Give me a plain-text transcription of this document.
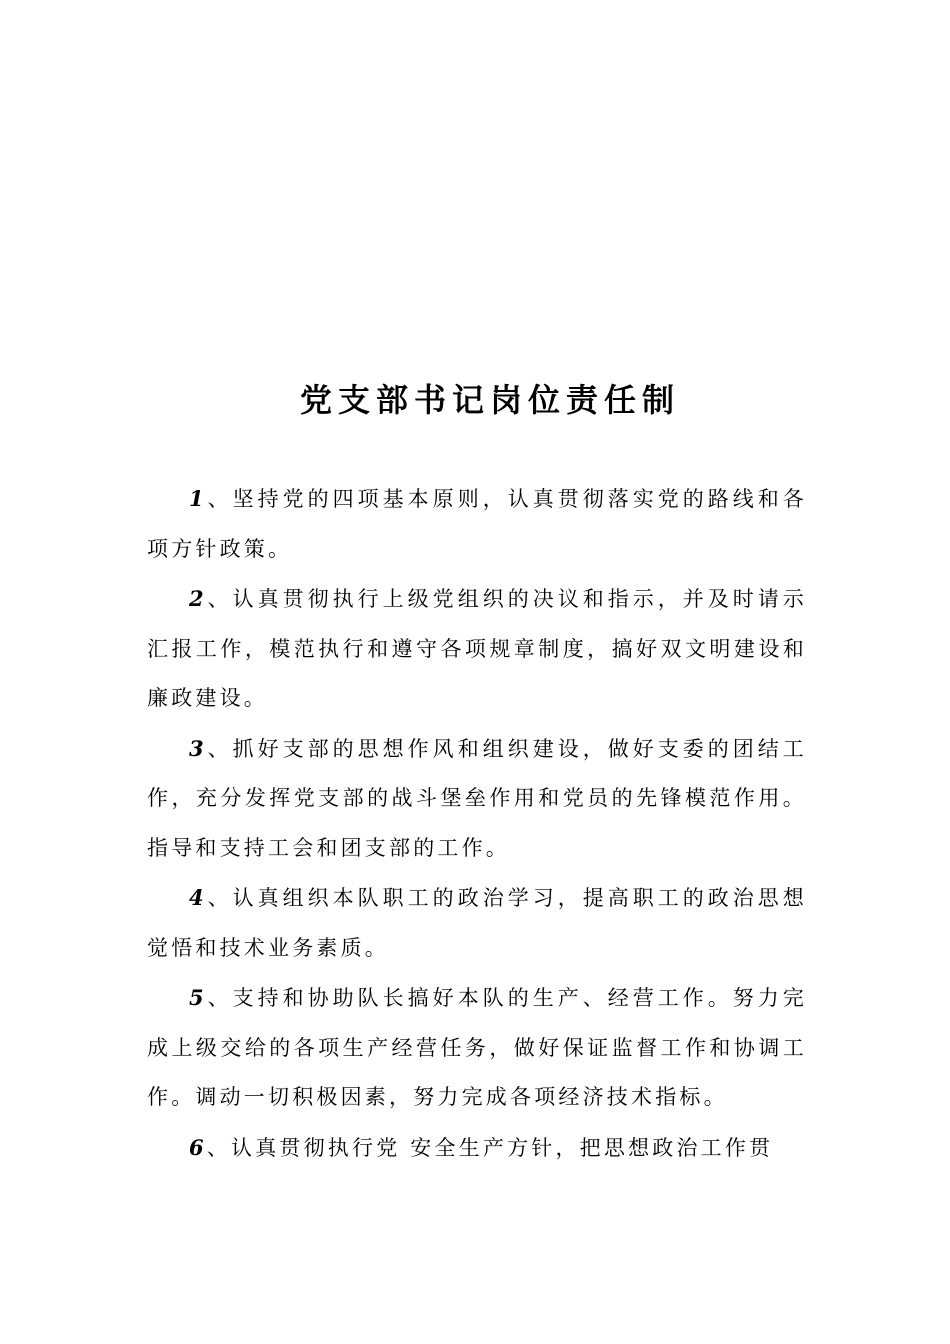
党支部书记岗位责任制

1、坚持党的四项基本原则，认真贯彻落实党的路线和各项方针政策。

2、认真贯彻执行上级党组织的决议和指示，并及时请示汇报工作，模范执行和遵守各项规章制度，搞好双文明建设和廉政建设。

3、抓好支部的思想作风和组织建设，做好支委的团结工作，充分发挥党支部的战斗堡垒作用和党员的先锋模范作用。指导和支持工会和团支部的工作。

4、认真组织本队职工的政治学习，提高职工的政治思想觉悟和技术业务素质。

5、支持和协助队长搞好本队的生产、经营工作。努力完成上级交给的各项生产经营任务，做好保证监督工作和协调工作。调动一切积极因素，努力完成各项经济技术指标。

6、认真贯彻执行党 安全生产方针，把思想政治工作贯
